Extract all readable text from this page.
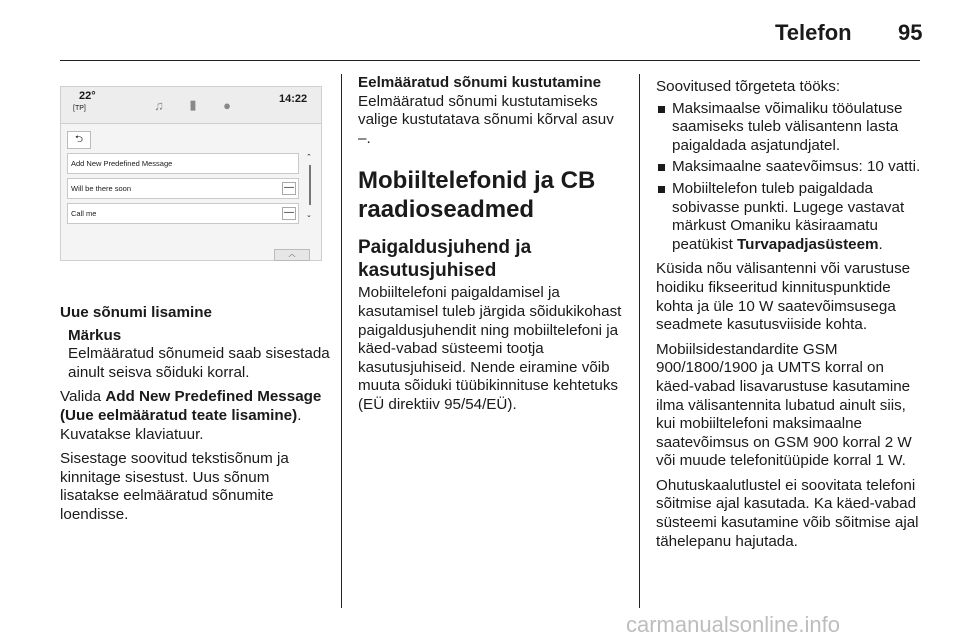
Telefon 95
22°
[TP]	♫	▮	●	14:22
⮌
Add New Predefined Message
Will be there soon	—
Call me	—
⌃
⌄
︿
Uue sõnumi lisamine
Märkus
Eelmääratud sõnumeid saab sisestada ainult seisva sõiduki korral.

Valida Add New Predefined Message (Uue eelmääratud teate lisamine). Kuvatakse klaviatuur.

Sisestage soovitud tekstisõnum ja kinnitage sisestust. Uus sõnum lisatakse eelmääratud sõnumite loendisse.

Eelmääratud sõnumi kustutamine

Eelmääratud sõnumi kustutamiseks valige kustutatava sõnumi kõrval asuv –.

Mobiiltelefonid ja CB raadioseadmed
Paigaldusjuhend ja kasutusjuhised

Mobiiltelefoni paigaldamisel ja kasutamisel tuleb järgida sõidukikohast paigaldusjuhendit ning mobiiltelefoni ja käed-vabad süsteemi tootja kasutusjuhiseid. Nende eiramine võib muuta sõiduki tüübikinnituse kehtetuks (EÜ direktiiv 95/54/EÜ).

Soovitused tõrgeteta tööks:

Maksimaalse võimaliku tööulatuse saamiseks tuleb välisantenn lasta paigaldada asjatundjatel.
Maksimaalne saatevõimsus: 10 vatti.
Mobiiltelefon tuleb paigaldada sobivasse punkti. Lugege vastavat märkust Omaniku käsiraamatu peatükist Turvapadjasüsteem.

Küsida nõu välisantenni või varustuse hoidiku fikseeritud kinnituspunktide kohta ja üle 10 W saatevõimsusega seadmete kasutusviiside kohta.

Mobiilsidestandardite GSM 900/1800/1900 ja UMTS korral on käed-vabad lisavarustuse kasutamine ilma välisantennita lubatud ainult siis, kui mobiiltelefoni maksimaalne saatevõimsus on GSM 900 korral 2 W või muude telefonitüüpide korral 1 W.

Ohutuskaalutlustel ei soovitata telefoni sõitmise ajal kasutada. Ka käed-vabad süsteemi kasutamine võib sõitmise ajal tähelepanu hajutada.

carmanualsonline.info
